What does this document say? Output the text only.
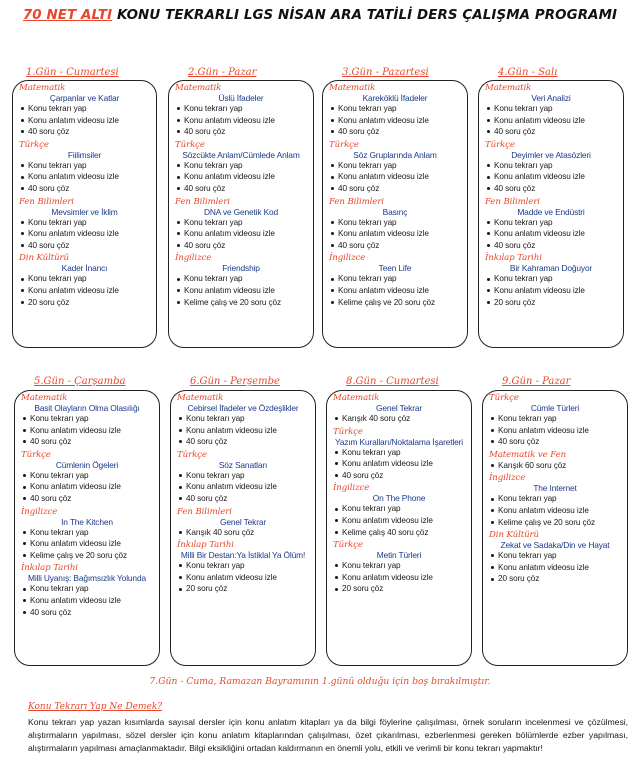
70 NET ALTI KONU TEKRARLI LGS NİSAN ARA TATİLİ DERS ÇALIŞMA PROGRAMI
1.Gün - Cumartesi
Matematik
Çarpanlar ve Katlar
Konu tekrarı yap
Konu anlatım videosu izle
40 soru çöz
Türkçe
Fiilimsiler
Konu tekrarı yap
Konu anlatım videosu izle
40 soru çöz
Fen Bilimleri
Mevsimler ve İklim
Konu tekrarı yap
Konu anlatım videosu izle
40 soru çöz
Din Kültürü
Kader İnancı
Konu tekrarı yap
Konu anlatım videosu izle
20 soru çöz
2.Gün - Pazar
Matematik
Üslü İfadeler
Konu tekrarı yap
Konu anlatım videosu izle
40 soru çöz
Türkçe
Sözcükte Anlam/Cümlede Anlam
Konu tekrarı yap
Konu anlatım videosu izle
40 soru çöz
Fen Bilimleri
DNA ve Genetik Kod
Konu tekrarı yap
Konu anlatım videosu izle
40 soru çöz
İngilizce
Friendship
Konu tekrarı yap
Konu anlatım videosu izle
Kelime çalış ve 20 soru çöz
3.Gün - Pazartesi
Matematik
Kareköklü İfadeler
Konu tekrarı yap
Konu anlatım videosu izle
40 soru çöz
Türkçe
Söz Gruplarında Anlam
Konu tekrarı yap
Konu anlatım videosu izle
40 soru çöz
Fen Bilimleri
Basınç
Konu tekrarı yap
Konu anlatım videosu izle
40 soru çöz
İngilizce
Teen Life
Konu tekrarı yap
Konu anlatım videosu izle
Kelime çalış ve 20 soru çöz
4.Gün - Salı
Matematik
Veri Analizi
Konu tekrarı yap
Konu anlatım videosu izle
40 soru çöz
Türkçe
Deyimler ve Atasözleri
Konu tekrarı yap
Konu anlatım videosu izle
40 soru çöz
Fen Bilimleri
Madde ve Endüstri
Konu tekrarı yap
Konu anlatım videosu izle
40 soru çöz
İnkılap Tarihi
Bir Kahraman Doğuyor
Konu tekrarı yap
Konu anlatım videosu izle
20 soru çöz
5.Gün - Çarşamba
Matematik
Basit Olayların Olma Olasılığı
Konu tekrarı yap
Konu anlatım videosu izle
40 soru çöz
Türkçe
Cümlenin Ögeleri
Konu tekrarı yap
Konu anlatım videosu izle
40 soru çöz
İngilizce
In The Kitchen
Konu tekrarı yap
Konu anlatım videosu izle
Kelime çalış ve 20 soru çöz
İnkılap Tarihi
Milli Uyanış: Bağımsızlık Yolunda
Konu tekrarı yap
Konu anlatım videosu izle
40 soru çöz
6.Gün - Perşembe
Matematik
Cebirsel İfadeler ve Özdeşlikler
Konu tekrarı yap
Konu anlatım videosu izle
40 soru çöz
Türkçe
Söz Sanatları
Konu tekrarı yap
Konu anlatım videosu izle
40 soru çöz
Fen Bilimleri
Genel Tekrar
Karışık 40 soru çöz
İnkılap Tarihi
Milli Bir Destan:Ya İstiklal Ya Ölüm!
Konu tekrarı yap
Konu anlatım videosu izle
20 soru çöz
8.Gün - Cumartesi
Matematik
Genel Tekrar
Karışık 40 soru çöz
Türkçe
Yazım Kuralları/Noktalama İşaretleri
Konu tekrarı yap
Konu anlatım videosu izle
40 soru çöz
İngilizce
On The Phone
Konu tekrarı yap
Konu anlatım videosu izle
Kelime çalış 40 soru çöz
Türkçe
Metin Türleri
Konu tekrarı yap
Konu anlatım videosu izle
20 soru çöz
9.Gün - Pazar
Türkçe
Cümle Türleri
Konu tekrarı yap
Konu anlatım videosu izle
40 soru çöz
Matematik ve Fen
Karışık 60 soru çöz
İngilizce
The Internet
Konu tekrarı yap
Konu anlatım videosu izle
Kelime çalış ve 20 soru çöz
Din Kültürü
Zekat ve Sadaka/Din ve Hayat
Konu tekrarı yap
Konu anlatım videosu izle
20 soru çöz
7.Gün - Cuma, Ramazan Bayramının 1.günü olduğu için boş bırakılmıştır.
Konu Tekrarı Yap Ne Demek?
Konu tekrarı yap yazan kısımlarda sayısal dersler için konu anlatım kitapları ya da bilgi föylerine çalışılması, örnek soruların incelenmesi ve çözülmesi, alıştırmaların yapılması, sözel dersler için konu anlatım kitaplarından çalışılması, özet çıkarılması, ezberlenmesi gereken bölümlerde ezber yapılması, alıştırmaların yapılması amaçlanmaktadır. Bilgi eksikliğini ortadan kaldırmanın en önemli yolu, etkili ve verimli bir konu tekrarı yapmaktır!
